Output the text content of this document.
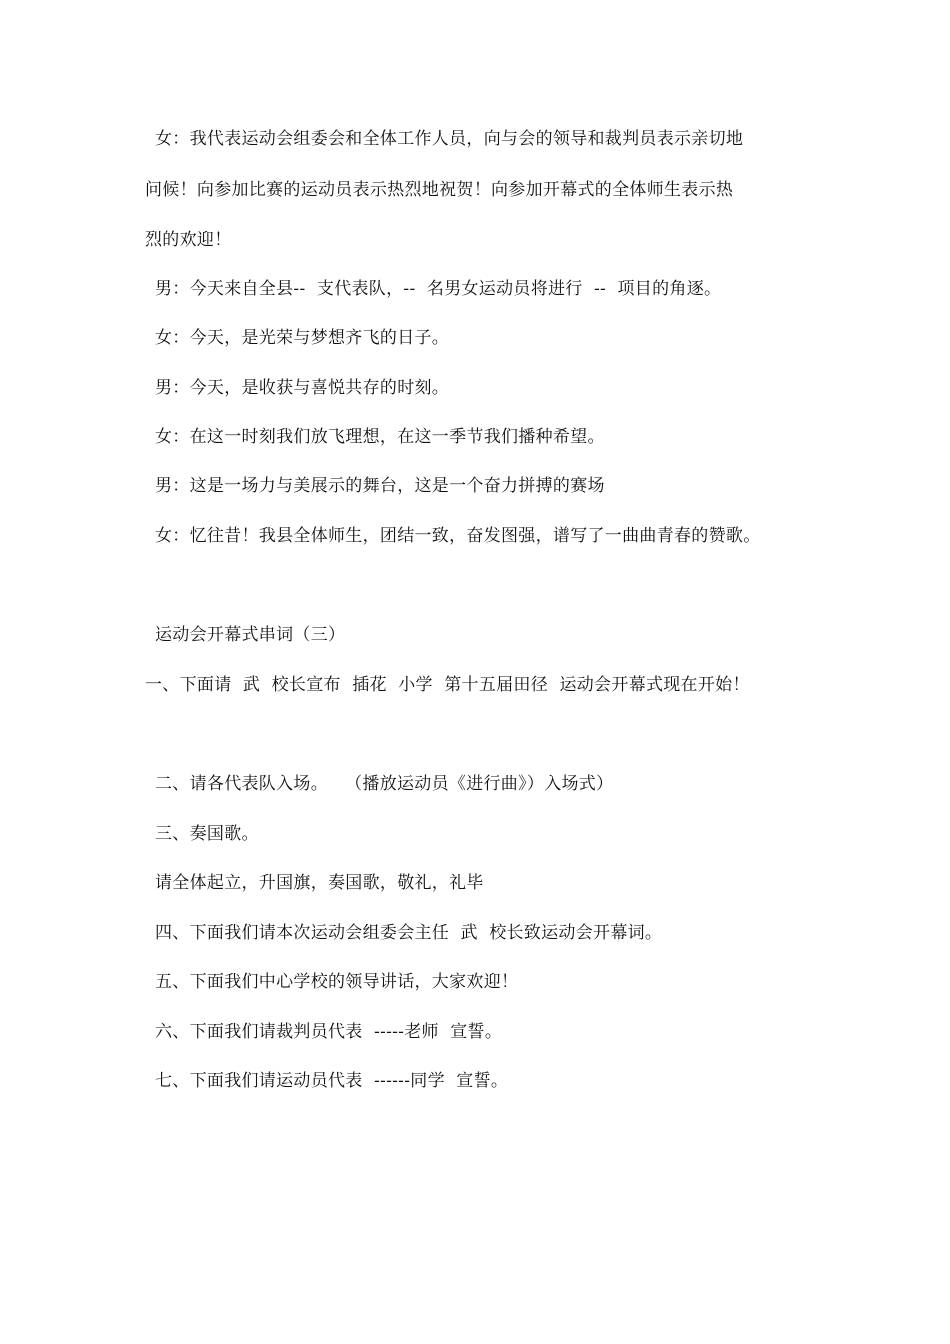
女：我代表运动会组委会和全体工作人员，向与会的领导和裁判员表示亲切地
问候！向参加比赛的运动员表示热烈地祝贺！向参加开幕式的全体师生表示热
烈的欢迎！
男：今天来自全县--  支代表队，--  名男女运动员将进行  --  项目的角逐。
女：今天，是光荣与梦想齐飞的日子。
男：今天，是收获与喜悦共存的时刻。
女：在这一时刻我们放飞理想，在这一季节我们播种希望。
男：这是一场力与美展示的舞台，这是一个奋力拼搏的赛场
女：忆往昔！我县全体师生，团结一致，奋发图强，谱写了一曲曲青春的赞歌。
运动会开幕式串词（三）
一、下面请  武  校长宣布  插花  小学  第十五届田径  运动会开幕式现在开始！
二、请各代表队入场。   （播放运动员《进行曲》）入场式）
三、奏国歌。
请全体起立，升国旗，奏国歌，敬礼，礼毕
四、下面我们请本次运动会组委会主任  武  校长致运动会开幕词。
五、下面我们中心学校的领导讲话，大家欢迎！
六、下面我们请裁判员代表  -----老师  宣誓。
七、下面我们请运动员代表  ------同学  宣誓。
